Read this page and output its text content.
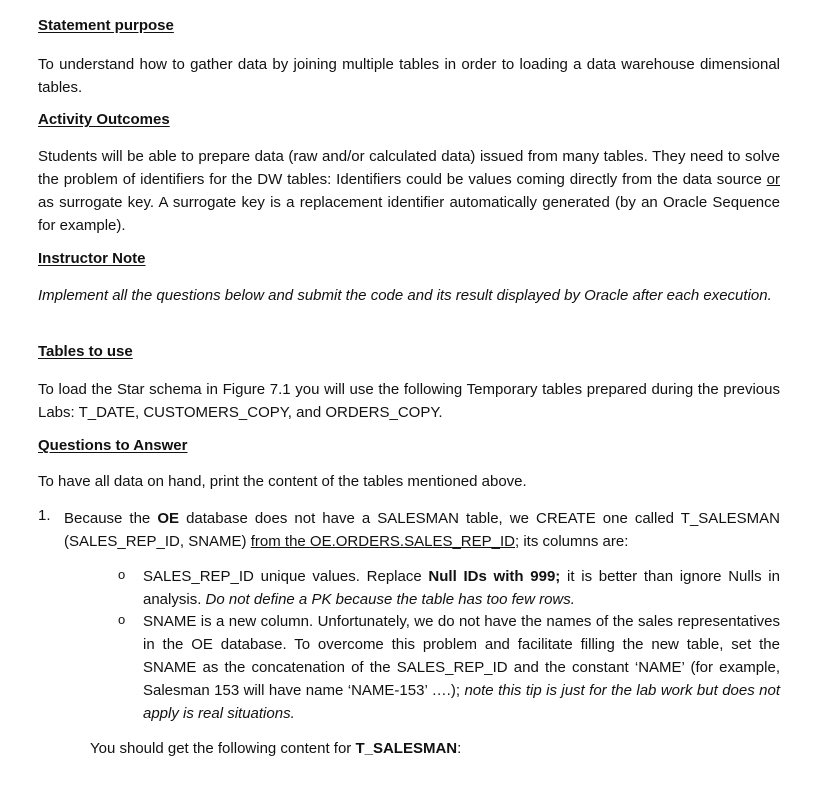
Statement purpose

To understand how to gather data by joining multiple tables in order to loading a data warehouse dimensional tables.

Activity Outcomes

Students will be able to prepare data (raw and/or calculated data) issued from many tables. They need to solve the problem of identifiers for the DW tables: Identifiers could be values coming directly from the data source or as surrogate key. A surrogate key is a replacement identifier automatically generated (by an Oracle Sequence for example).

Instructor Note

Implement all the questions below and submit the code and its result displayed by Oracle after each execution.

Tables to use

To load the Star schema in Figure 7.1 you will use the following Temporary tables prepared during the previous Labs: T_DATE, CUSTOMERS_COPY, and ORDERS_COPY.

Questions to Answer

To have all data on hand, print the content of the tables mentioned above.

1. Because the OE database does not have a SALESMAN table, we CREATE one called T_SALESMAN (SALES_REP_ID, SNAME) from the OE.ORDERS.SALES_REP_ID; its columns are:

o SALES_REP_ID unique values. Replace Null IDs with 999; it is better than ignore Nulls in analysis. Do not define a PK because the table has too few rows.

o SNAME is a new column. Unfortunately, we do not have the names of the sales representatives in the OE database. To overcome this problem and facilitate filling the new table, set the SNAME as the concatenation of the SALES_REP_ID and the constant ‘NAME’ (for example, Salesman 153 will have name ‘NAME-153’ ….); note this tip is just for the lab work but does not apply is real situations.

You should get the following content for T_SALESMAN:
